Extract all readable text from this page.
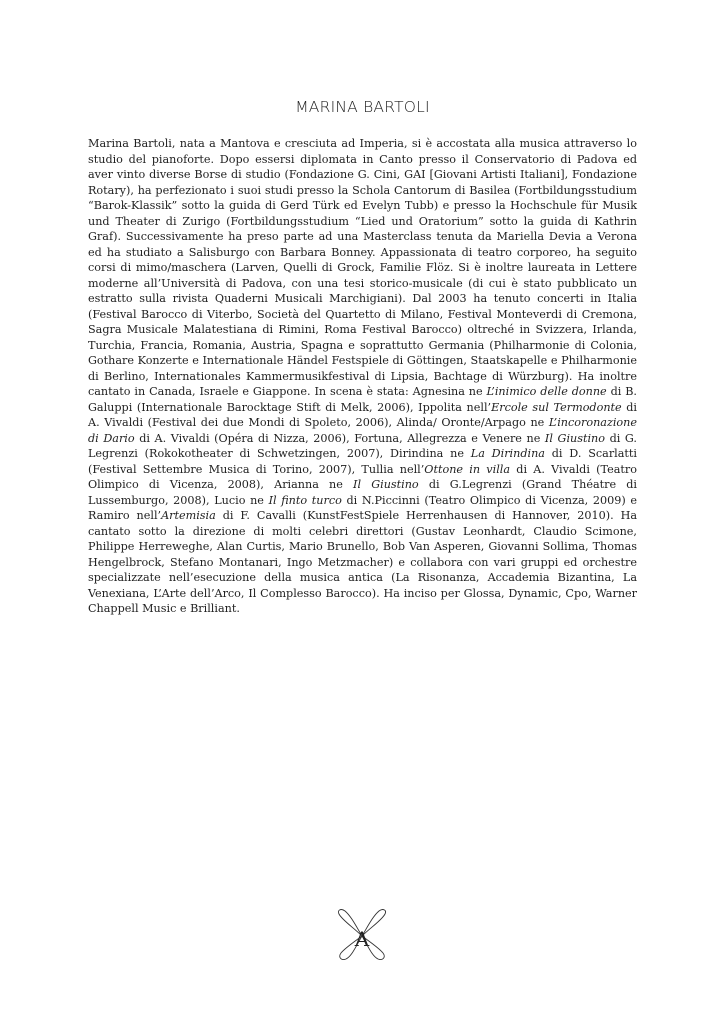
MARINA BARTOLI

Marina Bartoli, nata a Mantova e cresciuta ad Imperia, si è accostata alla musica attraverso lo studio del pianoforte. Dopo essersi diplomata in Canto presso il Conservatorio di Padova ed aver vinto diverse Borse di studio (Fondazione G. Cini, GAI [Giovani Artisti Italiani], Fondazione Rotary), ha perfezionato i suoi studi presso la Schola Cantorum di Basilea (Fortbildungsstudium “Barok-Klassik” sotto la guida di Gerd Türk ed Evelyn Tubb) e presso la Hochschule für Musik und Theater di Zurigo (Fortbildungsstudium “Lied und Oratorium” sotto la guida di Kathrin Graf). Successivamente ha preso parte ad una Masterclass tenuta da Mariella Devia a Verona ed ha studiato a Salisburgo con Barbara Bonney. Appassionata di teatro corporeo, ha seguito corsi di mimo/maschera (Larven, Quelli di Grock, Familie Flöz. Si è inoltre laureata in Lettere moderne all’Università di Padova, con una tesi storico-musicale (di cui è stato pubblicato un estratto sulla rivista Quaderni Musicali Marchigiani). Dal 2003 ha tenuto concerti in Italia (Festival Barocco di Viterbo, Società del Quartetto di Milano, Festival Monteverdi di Cremona, Sagra Musicale Malatestiana di Rimini, Roma Festival Barocco) oltreché in Svizzera, Irlanda, Turchia, Francia, Romania, Austria, Spagna e soprattutto Germania (Philharmonie di Colonia, Gothare Konzerte e Internationale Händel Festspiele di Göttingen, Staatskapelle e Philharmonie di Berlino, Internationales Kammermusikfestival di Lipsia, Bachtage di Würzburg). Ha inoltre cantato in Canada, Israele e Giappone. In scena è stata: Agnesina ne L’inimico delle donne di B. Galuppi (Internationale Barocktage Stift di Melk, 2006), Ippolita nell’Ercole sul Termodonte di A. Vivaldi (Festival dei due Mondi di Spoleto, 2006), Alinda/ Oronte/Arpago ne L’incoronazione di Dario di A. Vivaldi (Opéra di Nizza, 2006), Fortuna, Allegrezza e Venere ne Il Giustino di G. Legrenzi (Rokokotheater di Schwetzingen, 2007), Dirindina ne La Dirindina di D. Scarlatti (Festival Settembre Musica di Torino, 2007), Tullia nell’Ottone in villa di A. Vivaldi (Teatro Olimpico di Vicenza, 2008), Arianna ne Il Giustino di G.Legrenzi (Grand Théatre di Lussemburgo, 2008), Lucio ne Il finto turco di N.Piccinni (Teatro Olimpico di Vicenza, 2009) e Ramiro nell’Artemisia di F. Cavalli (KunstFestSpiele Herrenhausen di Hannover, 2010). Ha cantato sotto la direzione di molti celebri direttori (Gustav Leonhardt, Claudio Scimone, Philippe Herreweghe, Alan Curtis, Mario Brunello, Bob Van Asperen, Giovanni Sollima, Thomas Hengelbrock, Stefano Montanari, Ingo Metzmacher) e collabora con vari gruppi ed orchestre specializzate nell’esecuzione della musica antica (La Risonanza, Accademia Bizantina, La Venexiana, L’Arte dell’Arco, Il Complesso Barocco). Ha inciso per Glossa, Dynamic, Cpo, Warner Chappell Music e Brilliant.

A
